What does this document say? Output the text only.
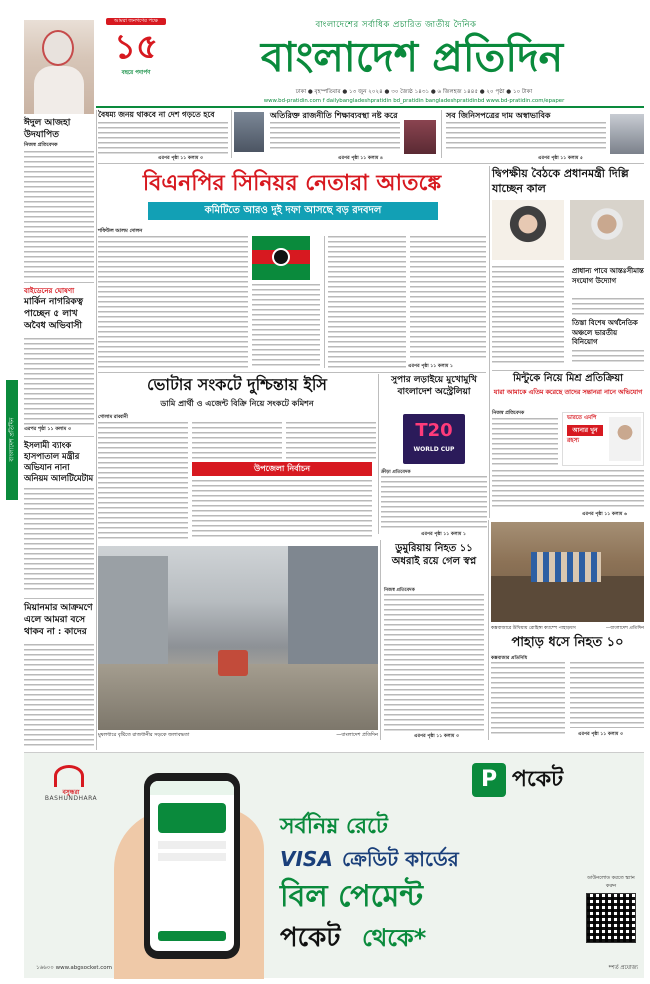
আমরা জনগণের পক্ষে
১৫
বছরে পদার্পণ
বাংলাদেশের সর্বাধিক প্রচারিত জাতীয় দৈনিক
বাংলাদেশ প্রতিদিন
ঢাকা ● বৃহস্পতিবার ● ১৩ জুন ২০২৪ ● ৩০ জ্যৈষ্ঠ ১৪৩১ ● ৬ জিলহজ ১৪৪৫ ● ২০ পৃষ্ঠা ● ১০ টাকা
www.bd-pratidin.com f dailybangladeshpratidin bd_pratidin bangladeshpratidinbd www.bd-pratidin.com/epaper
ঈদুল আজহা উদযাপিত
নিজস্ব প্রতিবেদক
বাইডেনের ঘোষণা
মার্কিন নাগরিকত্ব পাচ্ছেন ৫ লাখ অবৈধ অভিবাসী
এরপর পৃষ্ঠা ১১ কলাম ৩
ইসলামী ব্যাংক হাসপাতাল মন্ত্রীর অভিযান নানা অনিয়ম আলটিমেটাম
মিয়ানমার আক্রমণে এলে আমরা বসে থাকব না : কাদের
বাংলাদেশ প্রতিদিন
বৈষম্য জনয় থাকবে না দেশ গড়তে হবে
এরপর পৃষ্ঠা ১১ কলাম ৩
অতিরিক্ত রাজনীতি শিক্ষাব্যবস্থা নষ্ট করে
এরপর পৃষ্ঠা ১১ কলাম ৪
সব জিনিসপত্রের দাম অস্বাভাবিক
এরপর পৃষ্ঠা ১১ কলাম ৫
বিএনপির সিনিয়র নেতারা আতঙ্কে
কমিটিতে আরও দুই দফা আসছে বড় রদবদল
শফিউল আলম দোলন
এরপর পৃষ্ঠা ১১ কলাম ১
দ্বিপক্ষীয় বৈঠকে প্রধানমন্ত্রী দিল্লি যাচ্ছেন কাল
প্রাধান্য পাবে আন্তঃসীমান্ত সংযোগ উদ্যোগ
তিস্তা বিশেষ অর্থনৈতিক অঞ্চলে ভারতীয় বিনিয়োগ
মিন্টুকে নিয়ে মিশ্র প্রতিক্রিয়া
যারা আমাকে এতিম করেছে তাদের সন্তানরা নানে অভিযোগ
নিজস্ব প্রতিবেদক
ভারতে এমপি
আনার খুন
রহস্য
এরপর পৃষ্ঠা ১১ কলাম ৬
ভোটার সংকটে দুশ্চিন্তায় ইসি
ডামি প্রার্থী ও এজেন্ট বিক্রি নিয়ে সংকটে কমিশন
গোলাম রাব্বানী
উপজেলা নির্বাচন
সুপার লড়াইয়ে মুখোমুখি বাংলাদেশ অস্ট্রেলিয়া
T20
WORLD CUP
ক্রীড়া প্রতিবেদক
এরপর পৃষ্ঠা ১১ কলাম ১
মুষলধারে বৃষ্টিতে রাজধানীর সড়কে জলাবদ্ধতা	—বাংলাদেশ প্রতিদিন
ডুমুরিয়ায় নিহত ১১ অধরাই রয়ে গেল স্বপ্ন
নিজস্ব প্রতিবেদক
এরপর পৃষ্ঠা ১১ কলাম ৩
কক্সবাজারে উখিয়ায় রোহিঙ্গা ক্যাম্পে পাহাড়ধস	—বাংলাদেশ প্রতিদিন
পাহাড় ধসে নিহত ১০
কক্সবাজার প্রতিনিধি
এরপর পৃষ্ঠা ১১ কলাম ৩
বসুন্ধরা
BASHUNDHARA
P পকেট
সর্বনিম্ন রেটে
VISA ক্রেডিট কার্ডের
বিল পেমেন্ট
পকেট থেকে*
ডাউনলোড করতে স্ক্যান করুন
১৬৬০০ www.abgsocket.com	*শর্ত প্রযোজ্য
